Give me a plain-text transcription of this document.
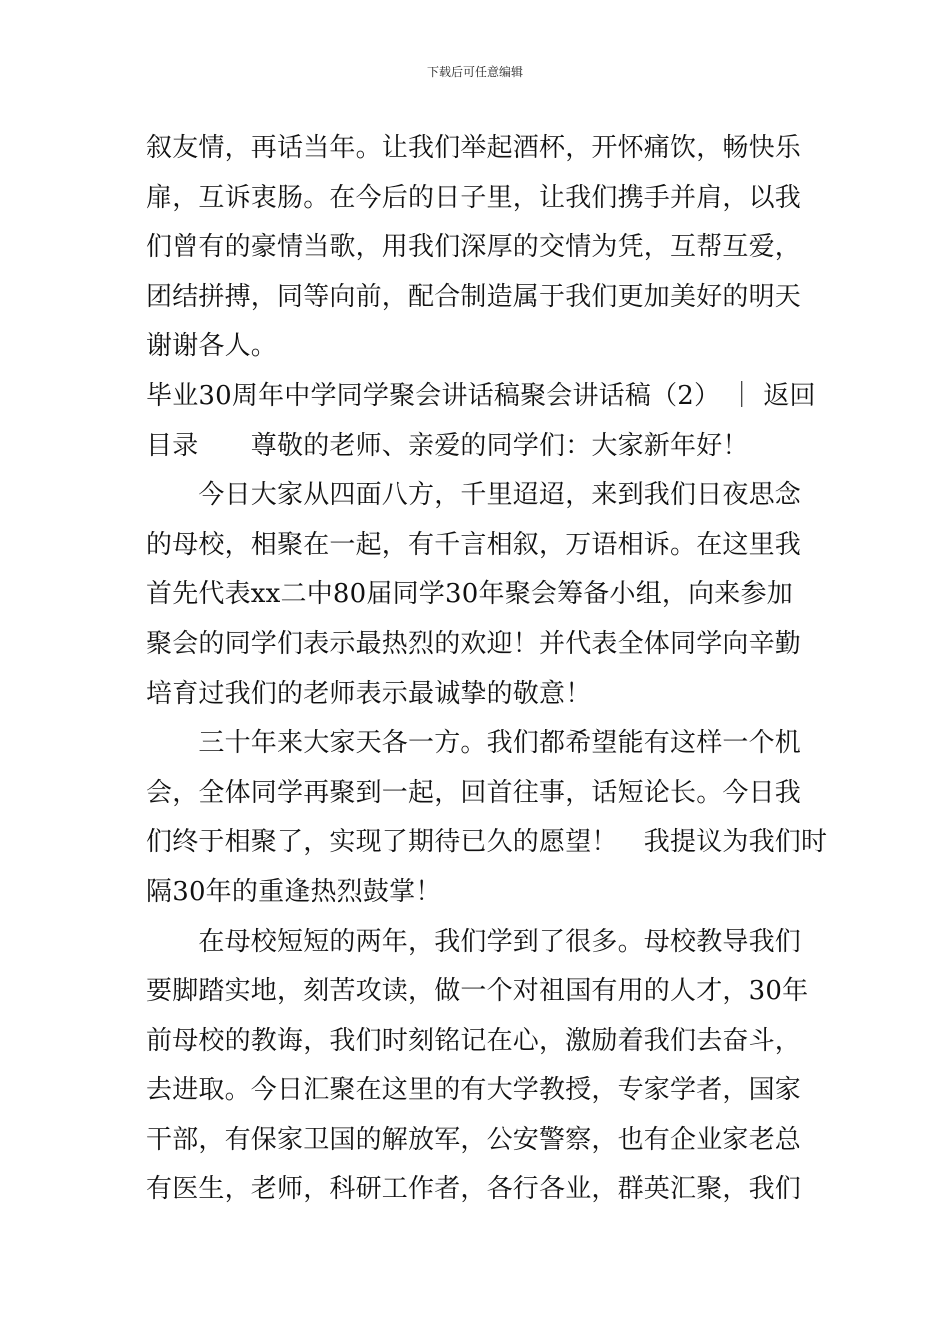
下载后可任意编辑
叙友情，再话当年。让我们举起酒杯，开怀痛饮，畅快乐
扉，互诉衷肠。在今后的日子里，让我们携手并肩，以我
们曾有的豪情当歌，用我们深厚的交情为凭，互帮互爱，
团结拼搏，同等向前，配合制造属于我们更加美好的明天
谢谢各人。
毕业30周年中学同学聚会讲话稿聚会讲话稿（2） ｜ 返回
目录　　尊敬的老师、亲爱的同学们：大家新年好！
　　今日大家从四面八方，千里迢迢，来到我们日夜思念
的母校，相聚在一起，有千言相叙，万语相诉。在这里我
首先代表xx二中80届同学30年聚会筹备小组，向来参加
聚会的同学们表示最热烈的欢迎！并代表全体同学向辛勤
培育过我们的老师表示最诚挚的敬意！
　　三十年来大家天各一方。我们都希望能有这样一个机
会，全体同学再聚到一起，回首往事，话短论长。今日我
们终于相聚了，实现了期待已久的愿望！　我提议为我们时
隔30年的重逢热烈鼓掌！
　　在母校短短的两年，我们学到了很多。母校教导我们
要脚踏实地，刻苦攻读，做一个对祖国有用的人才，30年
前母校的教诲，我们时刻铭记在心，激励着我们去奋斗，
去进取。今日汇聚在这里的有大学教授，专家学者，国家
干部，有保家卫国的解放军，公安警察，也有企业家老总
有医生，老师，科研工作者，各行各业，群英汇聚，我们
